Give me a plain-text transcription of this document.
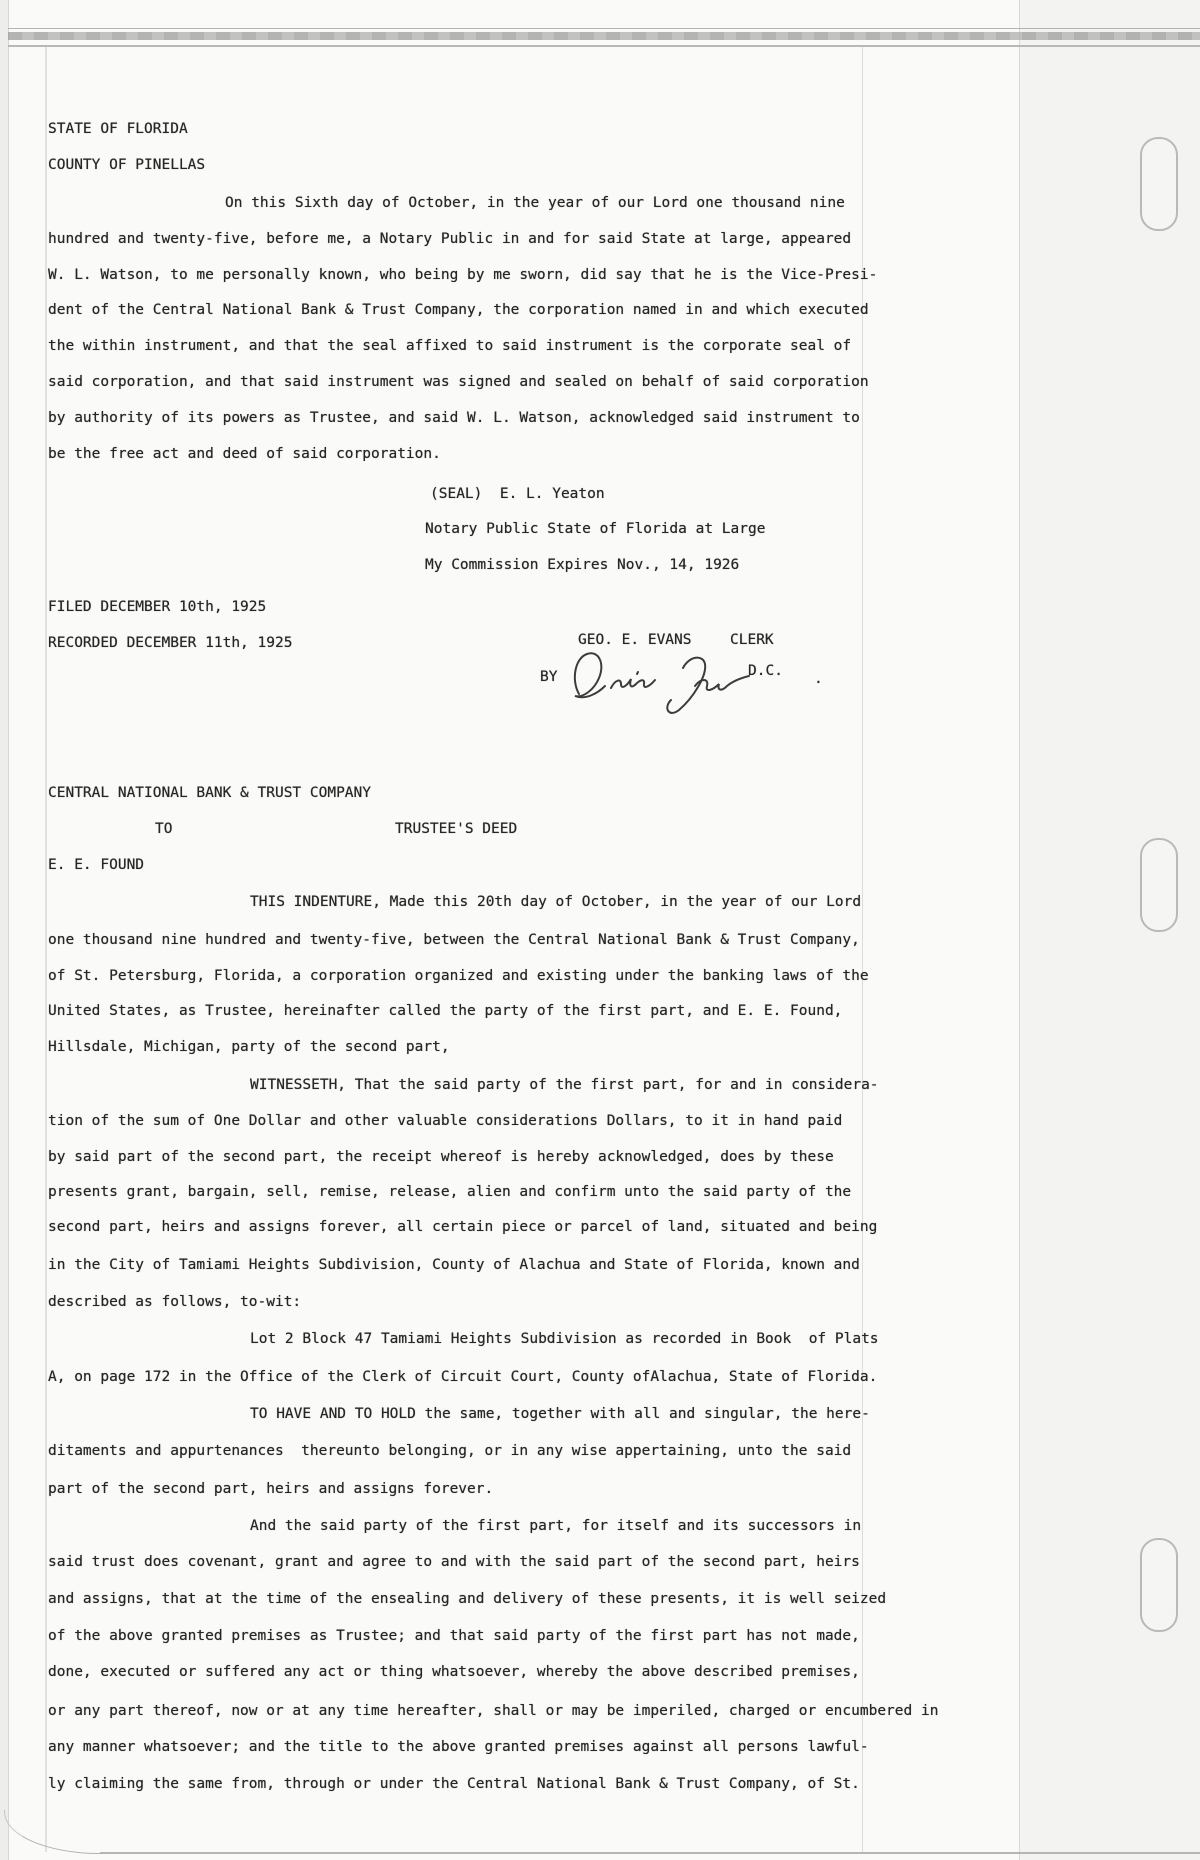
STATE OF FLORIDA
COUNTY OF PINELLAS
On this Sixth day of October, in the year of our Lord one thousand nine
hundred and twenty-five, before me, a Notary Public in and for said State at large, appeared
W. L. Watson, to me personally known, who being by me sworn, did say that he is the Vice-Presi-
dent of the Central National Bank & Trust Company, the corporation named in and which executed
the within instrument, and that the seal affixed to said instrument is the corporate seal of
said corporation, and that said instrument was signed and sealed on behalf of said corporation
by authority of its powers as Trustee, and said W. L. Watson, acknowledged said instrument to
be the free act and deed of said corporation.
(SEAL)  E. L. Yeaton
Notary Public State of Florida at Large
My Commission Expires Nov., 14, 1926
FILED DECEMBER 10th, 1925
RECORDED DECEMBER 11th, 1925	GEO. E. EVANS	CLERK
BY	D.C. .
CENTRAL NATIONAL BANK & TRUST COMPANY
TO	TRUSTEE'S DEED
E. E. FOUND
THIS INDENTURE, Made this 20th day of October, in the year of our Lord
one thousand nine hundred and twenty-five, between the Central National Bank & Trust Company,
of St. Petersburg, Florida, a corporation organized and existing under the banking laws of the
United States, as Trustee, hereinafter called the party of the first part, and E. E. Found,
Hillsdale, Michigan, party of the second part,
WITNESSETH, That the said party of the first part, for and in considera-
tion of the sum of One Dollar and other valuable considerations Dollars, to it in hand paid
by said part of the second part, the receipt whereof is hereby acknowledged, does by these
presents grant, bargain, sell, remise, release, alien and confirm unto the said party of the
second part, heirs and assigns forever, all certain piece or parcel of land, situated and being
in the City of Tamiami Heights Subdivision, County of Alachua and State of Florida, known and
described as follows, to-wit:
Lot 2 Block 47 Tamiami Heights Subdivision as recorded in Book  of Plats
A, on page 172 in the Office of the Clerk of Circuit Court, County ofAlachua, State of Florida.
TO HAVE AND TO HOLD the same, together with all and singular, the here-
ditaments and appurtenances  thereunto belonging, or in any wise appertaining, unto the said
part of the second part, heirs and assigns forever.
And the said party of the first part, for itself and its successors in
said trust does covenant, grant and agree to and with the said part of the second part, heirs
and assigns, that at the time of the ensealing and delivery of these presents, it is well seized
of the above granted premises as Trustee; and that said party of the first part has not made,
done, executed or suffered any act or thing whatsoever, whereby the above described premises,
or any part thereof, now or at any time hereafter, shall or may be imperiled, charged or encumbered in
any manner whatsoever; and the title to the above granted premises against all persons lawful-
ly claiming the same from, through or under the Central National Bank & Trust Company, of St.
